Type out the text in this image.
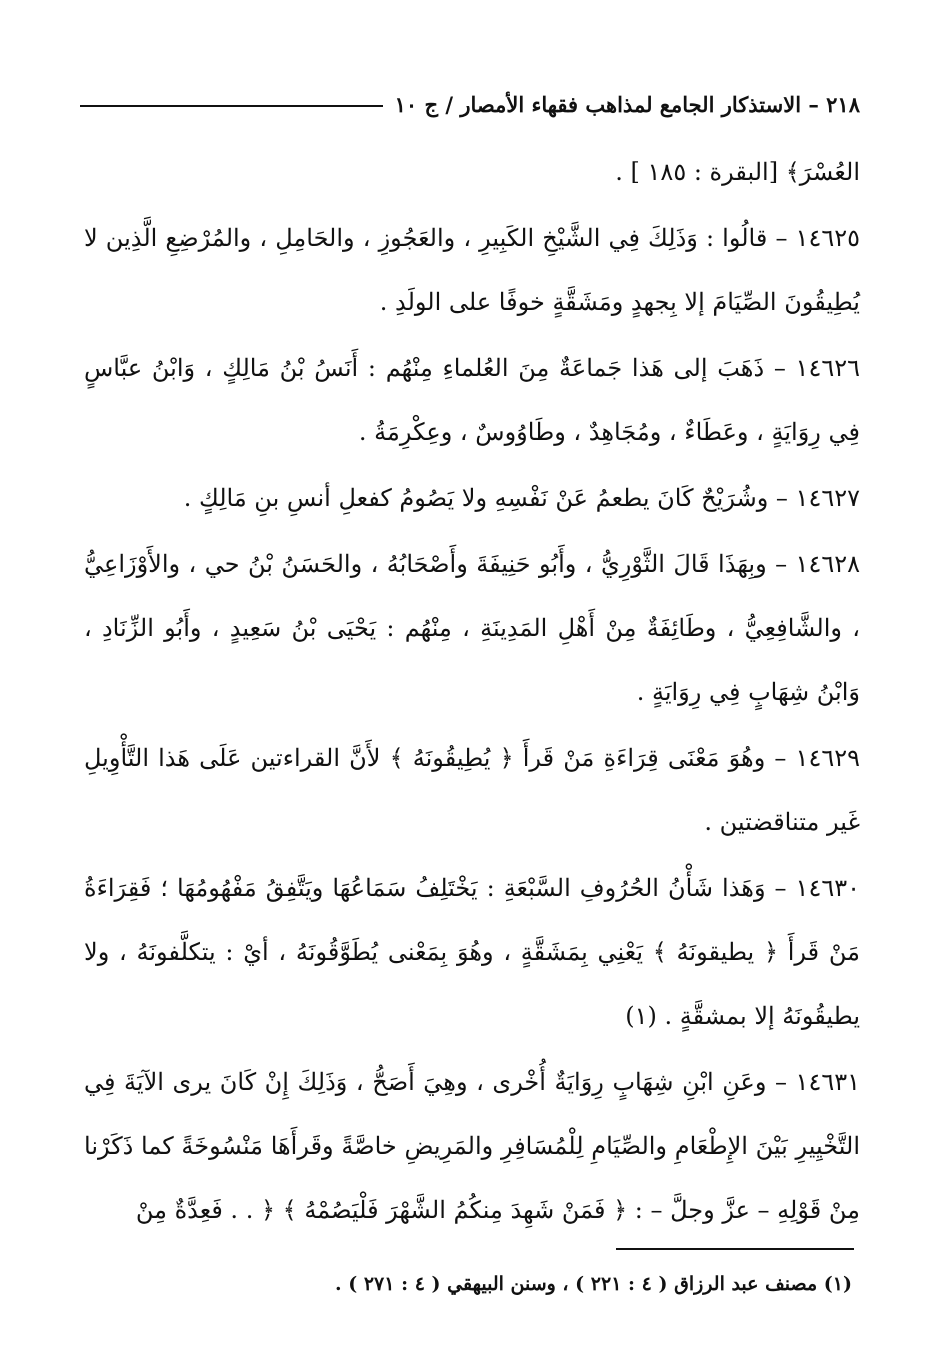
٢١٨ – الاستذكار الجامع لمذاهب فقهاء الأمصار / ج ١٠

العُسْرَ﴾ [البقرة : ١٨٥ ] .

١٤٦٢٥ – قالُوا : وَذَلِكَ فِي الشَّيْخِ الكَبِيرِ ، والعَجُوزِ ، والحَامِلِ ، والمُرْضِعِ الَّذِين لا يُطِيقُونَ الصِّيَامَ إلا بِجهدٍ ومَشَقَّةٍ خوفًا على الولَدِ .

١٤٦٢٦ – ذَهَبَ إلى هَذا جَماعَةٌ مِنَ العُلماءِ مِنْهُم : أَنَسُ بْنُ مَالِكٍ ، وَابْنُ عبَّاسٍ فِي رِوَايَةٍ ، وعَطَاءٌ ، ومُجَاهِدٌ ، وطَاوُوسٌ ، وعِكْرِمَةُ .

١٤٦٢٧ – وشُرَيْحٌ كَانَ يطعمُ عَنْ نَفْسِهِ ولا يَصُومُ كفعلِ أنسِ بنِ مَالِكٍ .

١٤٦٢٨ – وبِهَذَا قَالَ الثَّوْرِيُّ ، وأَبُو حَنِيفَةَ وأَصْحَابُهُ ، والحَسَنُ بْنُ حي ، والأَوْزَاعِيُّ ، والشَّافِعِيُّ ، وطَائِفَةٌ مِنْ أَهْلِ المَدِينَةِ ، مِنْهُم : يَحْيَى بْنُ سَعِيدٍ ، وأَبُو الزِّنَادِ ، وَابْنُ شِهَابٍ فِي رِوَايَةٍ .

١٤٦٢٩ – وهُوَ مَعْنَى قِرَاءَةِ مَنْ قَرأَ ﴿ يُطِيقُونَهُ ﴾ لأَنَّ القراءتين عَلَى هَذا التَّأْوِيلِ غَير متناقضتين .

١٤٦٣٠ – وَهَذا شَأْنُ الحُرُوفِ السَّبْعَةِ : يَخْتَلِفُ سَمَاعُهَا ويَتَّفِقُ مَفْهُومُهَا ؛ فَقِرَاءَةُ مَنْ قَرأَ ﴿ يطيقونَهُ ﴾ يَعْنِي بِمَشَقَّةٍ ، وهُوَ بِمَعْنى يُطَوَّقُونَهُ ، أيْ : يتكلَّفونَهُ ، ولا يطيقُونَهُ إلا بمشقَّةٍ . (١)

١٤٦٣١ – وعَنِ ابْنِ شِهَابٍ رِوَايَةٌ أُخْرى ، وهِيَ أَصَحُّ ، وَذَلِكَ إِنْ كَانَ يرى الآيَةَ فِي التَّخْيِيرِ بَيْنَ الإِطْعَامِ والصِّيَامِ لِلْمُسَافِرِ والمَرِيضِ خاصَّةً وقَرأَهَا مَنْسُوخَةً كما ذَكَرْنا مِنْ قَوْلِهِ – عزَّ وجلَّ – : ﴿ فَمَنْ شَهِدَ مِنكُمُ الشَّهْرَ فَلْيَصُمْهُ ﴾ ﴿ . . فَعِدَّةٌ مِنْ

(١) مصنف عبد الرزاق ( ٤ : ٢٢١ ) ، وسنن البيهقي ( ٤ : ٢٧١ ) .
